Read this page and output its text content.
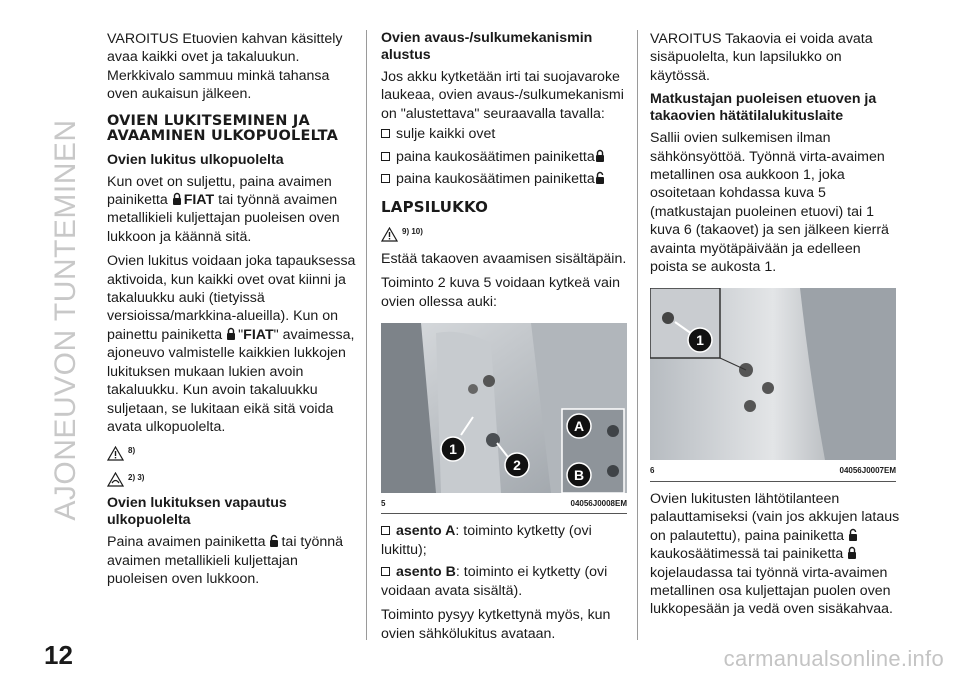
AJONEUVON TUNTEMINEN

VAROITUS Etuovien kahvan käsittely avaa kaikki ovet ja takaluukun. Merkkivalo sammuu minkä tahansa oven aukaisun jälkeen.

OVIEN LUKITSEMINEN JA AVAAMINEN ULKOPUOLELTA
Ovien lukitus ulkopuolelta

Kun ovet on suljettu, paina avaimen painiketta FIAT tai työnnä avaimen metallikieli kuljettajan puoleisen oven lukkoon ja käännä sitä.

Ovien lukitus voidaan joka tapauksessa aktivoida, kun kaikki ovet ovat kiinni ja takaluukku auki (tietyissä versioissa/markkina-alueilla). Kun on painettu painiketta "FIAT" avaimessa, ajoneuvo valmistelle kaikkien lukkojen lukituksen mukaan lukien avoin takaluukku. Kun avoin takaluukku suljetaan, se lukitaan eikä sitä voida avata ulkopuolelta.

8)
2) 3)
Ovien lukituksen vapautus ulkopuolelta

Paina avaimen painiketta tai työnnä avaimen metallikieli kuljettajan puoleisen oven lukkoon.

Ovien avaus-/sulkumekanismin alustus

Jos akku kytketään irti tai suojavaroke laukeaa, ovien avaus-/sulkumekanismi on "alustettava" seuraavalla tavalla:

sulje kaikki ovet
paina kaukosäätimen painiketta
paina kaukosäätimen painiketta
LAPSILUKKO
9) 10)

Estää takaoven avaamisen sisältäpäin.

Toiminto 2 kuva 5 voidaan kytkeä vain ovien ollessa auki:

1
2
A
B
5	04056J0008EM
asento A: toiminto kytketty (ovi lukittu);
asento B: toiminto ei kytketty (ovi voidaan avata sisältä).

Toiminto pysyy kytkettynä myös, kun ovien sähkölukitus avataan.

VAROITUS Takaovia ei voida avata sisäpuolelta, kun lapsilukko on käytössä.

Matkustajan puoleisen etuoven ja takaovien hätätilalukituslaite

Sallii ovien sulkemisen ilman sähkönsyöttöä. Työnnä virta-avaimen metallinen osa aukkoon 1, joka osoitetaan kohdassa kuva 5 (matkustajan puoleinen etuovi) tai 1 kuva 6 (takaovet) ja sen jälkeen kierrä avainta myötäpäivään ja edelleen poista se aukosta 1.

1
6	04056J0007EM

Ovien lukitusten lähtötilanteen palauttamiseksi (vain jos akkujen lataus on palautettu), paina painiketta kaukosäätimessä tai painiketta kojelaudassa tai työnnä virta-avaimen metallinen osa kuljettajan puolen oven lukkopesään ja vedä oven sisäkahvaa.

12	carmanualsonline.info
